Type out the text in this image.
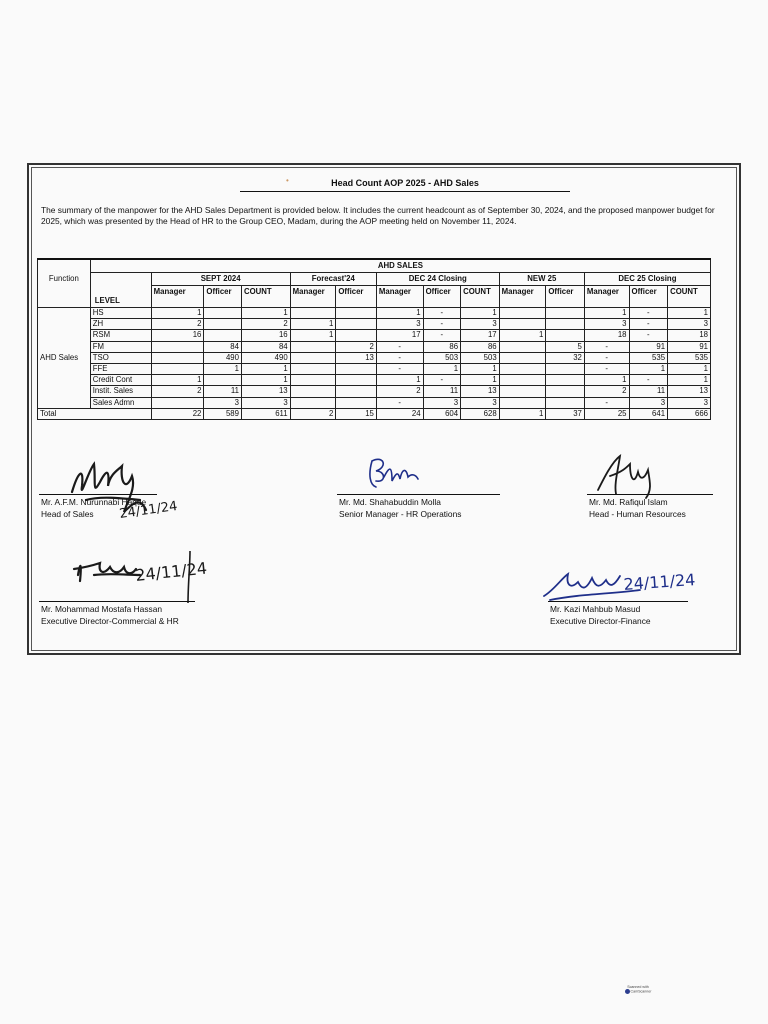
•	Head Count AOP 2025 - AHD Sales
The summary of the manpower for the AHD Sales Department is provided below. It includes the current headcount as of September 30, 2024, and the proposed manpower budget for 2025, which was presented by the Head of HR to the Group CEO, Madam, during the AOP meeting held on November 11, 2024.
	AHD SALES													
Function		SEPT 2024			Forecast'24		DEC 24 Closing			NEW 25		DEC 25 Closing		

	LEVEL	Manager	Officer	COUNT	Manager	Officer	Manager	Officer	COUNT	Manager	Officer	Manager	Officer	COUNT
AHD Sales	HS	1		1			1	-	1			1	-	1
	ZH	2		2	1		3	-	3			3	-	3
	RSM	16		16	1		17	-	17	1		18	-	18
	FM		84	84		2	-	86	86		5	-	91	91
	TSO		490	490		13	-	503	503		32	-	535	535
	FFE		1	1			-	1	1			-	1	1
	Credit Cont	1		1			1	-	1			1	-	1
	Instit. Sales	2	11	13			2	11	13			2	11	13
	Sales Admn		3	3			-	3	3			-	3	3
Total		22	589	611	2	15	24	604	628	1	37	25	641	666
24/11/24
Mr. A.F.M. Nurunnabi Haque
Head of Sales
Mr. Md. Shahabuddin Molla
Senior Manager - HR Operations
Mr. Md. Rafiqul Islam
Head - Human Resources
24/11/24
Mr. Mohammad Mostafa Hassan
Executive Director-Commercial & HR
24/11/24
Mr. Kazi Mahbub Masud
Executive Director-Finance
Scanned with
CamScanner
